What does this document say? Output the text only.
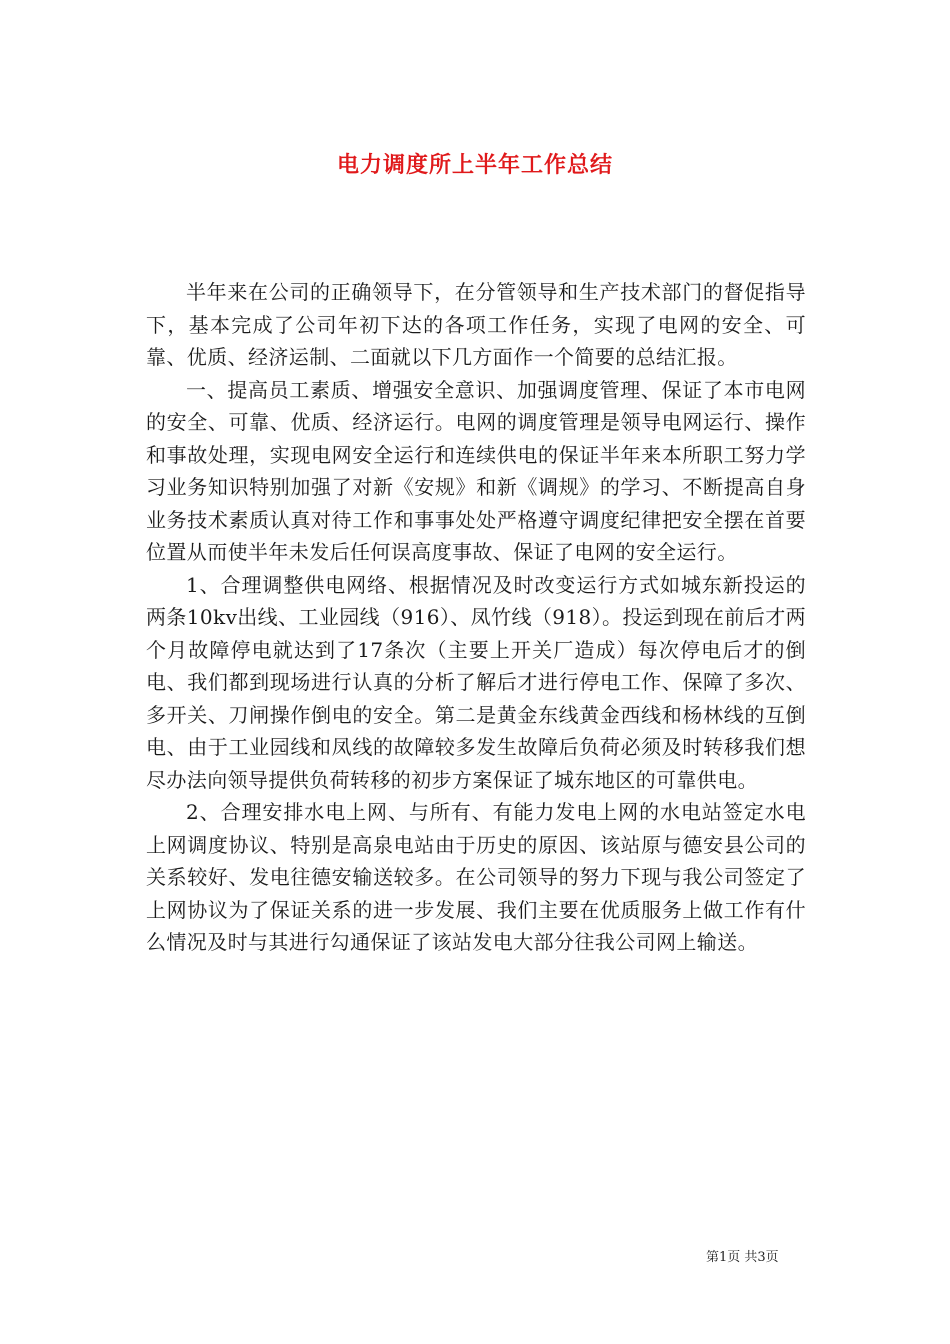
电力调度所上半年工作总结

半年来在公司的正确领导下，在分管领导和生产技术部门的督促指导下，基本完成了公司年初下达的各项工作任务，实现了电网的安全、可靠、优质、经济运制、二面就以下几方面作一个简要的总结汇报。

一、提高员工素质、增强安全意识、加强调度管理、保证了本市电网的安全、可靠、优质、经济运行。电网的调度管理是领导电网运行、操作和事故处理，实现电网安全运行和连续供电的保证半年来本所职工努力学习业务知识特别加强了对新《安规》和新《调规》的学习、不断提高自身业务技术素质认真对待工作和事事处处严格遵守调度纪律把安全摆在首要位置从而使半年未发后任何误高度事故、保证了电网的安全运行。

1、合理调整供电网络、根据情况及时改变运行方式如城东新投运的两条10kv出线、工业园线（916）、凤竹线（918）。投运到现在前后才两个月故障停电就达到了17条次（主要上开关厂造成）每次停电后才的倒电、我们都到现场进行认真的分析了解后才进行停电工作、保障了多次、多开关、刀闸操作倒电的安全。第二是黄金东线黄金西线和杨林线的互倒电、由于工业园线和凤线的故障较多发生故障后负荷必须及时转移我们想尽办法向领导提供负荷转移的初步方案保证了城东地区的可靠供电。

2、合理安排水电上网、与所有、有能力发电上网的水电站签定水电上网调度协议、特别是高泉电站由于历史的原因、该站原与德安县公司的关系较好、发电往德安输送较多。在公司领导的努力下现与我公司签定了上网协议为了保证关系的进一步发展、我们主要在优质服务上做工作有什么情况及时与其进行勾通保证了该站发电大部分往我公司网上输送。

第1页 共3页
